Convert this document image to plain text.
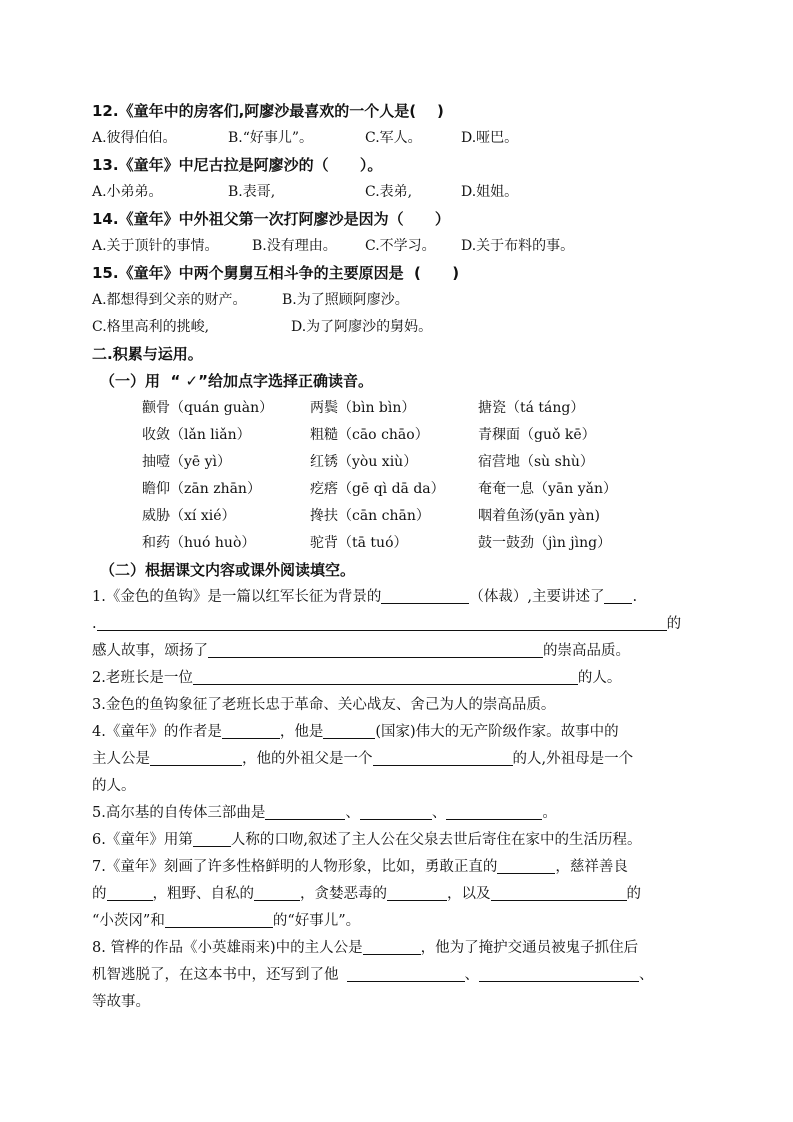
12.《童年中的房客们,阿廖沙最喜欢的一个人是(    )
A.彼得伯伯。	B.“好事儿”。	C.军人。	D.哑巴。
13.《童年》中尼古拉是阿廖沙的（      ）。
A.小弟弟。	B.表哥,	C.表弟,	D.姐姐。
14.《童年》中外祖父第一次打阿廖沙是因为（      ）
A.关于顶针的事情。 B.没有理由。 C.不学习。 D.关于布料的事。
15.《童年》中两个舅舅互相斗争的主要原因是  (      )
A.都想得到父亲的财产。	B.为了照顾阿廖沙。
C.格里高利的挑峻,	D.为了阿廖沙的舅妈。
二.积累与运用。
（一）用  “ ✓”给加点字选择正确读音。
颧骨（quán guàn）	两鬓（bìn bìn）	搪瓷（tá táng）
收敛（lǎn liǎn）	粗糙（cāo chāo）	青稞面（guǒ kē）
抽噎（yē yì）	红锈（yòu xiù）	宿营地（sù shù）
瞻仰（zān zhān）	疙瘩（gē qì dā da） 奄奄一息（yān yǎn）
威胁（xí xié）	搀扶（cān chān）	咽着鱼汤(yān yàn)
和药（huó huò）	驼背（tā tuó）	鼓一鼓劲（jìn jìng）
（二）根据课文内容或课外阅读填空。
1.《金色的鱼钩》是一篇以红军长征为背景的	（体裁）,主要讲述了 .
.	的
感人故事，颂扬了	的崇高品质。
2.老班长是一位	的人。
3.金色的鱼钩象征了老班长忠于革命、关心战友、舍己为人的崇高品质。
4.《童年》的作者是	，他是	(国家)伟大的无产阶级作家。故事中的
主人公是	，他的外祖父是一个	的人,外祖母是一个
的人。
5.高尔基的自传体三部曲是	、	、	。
6.《童年》用第	人称的口吻,叙述了主人公在父泉去世后寄住在家中的生活历程。
7.《童年》刻画了许多性格鲜明的人物形象，比如，勇敢正直的	，慈祥善良
的	，粗野、自私的	，贪婪恶毒的	，以及	的
“小茨冈”和	的“好事儿”。
8. 管桦的作品《小英雄雨来)中的主人公是	，他为了掩护交通员被鬼子抓住后
机智逃脱了，在这本书中，还写到了他	、	、
等故事。
